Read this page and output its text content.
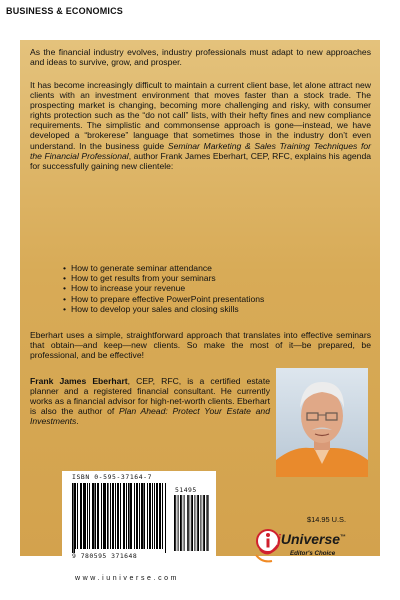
BUSINESS & ECONOMICS
As the financial industry evolves, industry professionals must adapt to new approaches and ideas to survive, grow, and prosper.
It has become increasingly difficult to maintain a current client base, let alone attract new clients with an investment environment that moves faster than a stock trade. The prospecting market is changing, becoming more challenging and risky, with consumer rights protection such as the “do not call” lists, with their hefty fines and new compliance requirements. The simplistic and commonsense approach is gone—instead, we have developed a “brokerese” language that sometimes those in the industry don’t even understand. In the business guide Seminar Marketing & Sales Training Techniques for the Financial Professional, author Frank James Eberhart, CEP, RFC, explains his agenda for successfully gaining new clientele:
• How to generate seminar attendance
• How to get results from your seminars
• How to increase your revenue
• How to prepare effective PowerPoint presentations
• How to develop your sales and closing skills
Eberhart uses a simple, straightforward approach that translates into effective seminars that obtain—and keep—new clients. So make the most of it—be prepared, be professional, and be effective!
Frank James Eberhart, CEP, RFC, is a certified estate planner and a registered financial consultant. He currently works as a financial advisor for high-net-worth clients. Eberhart is also the author of Plan Ahead: Protect Your Estate and Investments.
ISBN 0-595-37164-7
51495
9 780595 371648
$14.95 U.S.
iUniverse™
Editor's Choice
www.iuniverse.com
